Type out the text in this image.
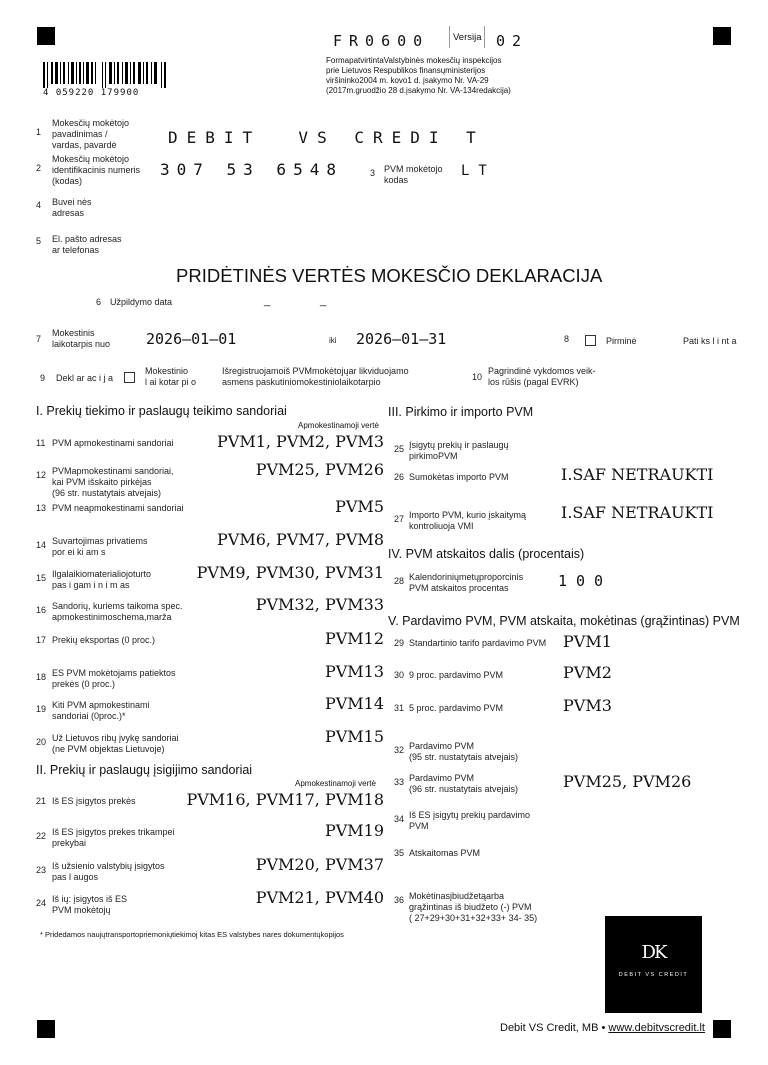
4 059220 179900
FR0600	Versija 02
FormapatvirtintaValstybinės mokesčių inspekcijos
prie Lietuvos Respublikos finansųministerijos
viršininko2004 m. kovo1 d. įsakymo Nr. VA-29
(2017m.gruodžio 28 d.įsakymo Nr. VA-134redakcija)
1
Mokesčių mokėtojo
pavadinimas /
vardas, pavardė	DEBIT  VS CREDI T
2
Mokesčių mokėtojo
identifikacinis numeris
(kodas)
307 53 6548	3 PVM mokėtojo
kodas
LT
4 Buvei nės
adresas
5 El. pašto adresas
ar telefonas
PRIDĖTINĖS VERTĖS MOKESČIO DEKLARACIJA
6 Užpildymo data	_	_
7
Mokestinis
laikotarpis nuo 2026–01–01	iki 2026–01–31	8	Pirminė	Pati ks l i nt a
9 Dekl ar ac i j a
Mokestinio
l ai kotar pi o
Išregistruojamoiš PVMmokėtojųar likviduojamo
asmens paskutiniomokestiniolaikotarpio	10
Pagrindinė vykdomos veik-
los rūšis (pagal EVRK)
I. Prekių tiekimo ir paslaugų teikimo sandoriai
Apmokestinamoji vertė
11 PVM apmokestinami sandoriai	PVM1, PVM2, PVM3
12 PVMapmokestinami sandoriai,
kai PVM išskaito pirkėjas
(96 str. nustatytais atvejais)
PVM25, PVM26
13 PVM neapmokestinami sandoriai	PVM5
14 Suvartojimas privatiems
por ei ki am s
PVM6, PVM7, PVM8
15 Ilgalaikiomaterialiojoturto
pas i gam i n i m as
PVM9, PVM30, PVM31
16 Sandorių, kuriems taikoma spec.
apmokestinimoschema,marža
PVM32, PVM33
17 Prekių eksportas (0 proc.)	PVM12
18 ES PVM mokėtojams patiektos
prekės (0 proc.)
PVM13
19 Kiti PVM apmokestinami
sandoriai (0proc.)*
PVM14
20 Už Lietuvos ribų įvykę sandoriai
(ne PVM objektas Lietuvoje)
PVM15
II. Prekių ir paslaugų įsigijimo sandoriai
Apmokestinamoji vertė
21 Iš ES įsigytos prekės	PVM16, PVM17, PVM18
22 Iš ES įsigytos prekes trikampei
prekybai
PVM19
23 Iš užsienio valstybių įsigytos
pas l augos
PVM20, PVM37
24 Iš ių: įsigytos iš ES
PVM mokėtojų
PVM21, PVM40
III. Pirkimo ir importo PVM
25 Įsigytų prekių ir paslaugų
pirkimoPVM
26 Sumokėtas importo PVM	I.SAF NETRAUKTI
27 Importo PVM, kurio įskaitymą
kontroliuoja VMI
I.SAF NETRAUKTI
IV. PVM atskaitos dalis (procentais)
28 Kalendoriniųmetųproporcinis
PVM atskaitos procentas	100
V. Pardavimo PVM, PVM atskaita, mokėtinas (grąžintinas) PVM
29 Standartinio tarifo pardavimo PVM PVM1
30 9 proc. pardavimo PVM	PVM2
31 5 proc. pardavimo PVM	PVM3
32 Pardavimo PVM
(95 str. nustatytais atvejais)
33 Pardavimo PVM
(96 str. nustatytais atvejais)	PVM25, PVM26
34 Iš ES įsigytų prekių pardavimo
PVM
35 Atskaitomas PVM
36 Mokėtinasįbiudžetąarba
grąžintinas iš biudžeto (-) PVM
( 27+29+30+31+32+33+ 34- 35)
* Pridedamos naujųtransportopriemoniųtiekimoj kitas ES valstybes nares dokumentųkopijos
DK
DEBIT VS CREDIT
Debit VS Credit, MB • www.debitvscredit.lt
